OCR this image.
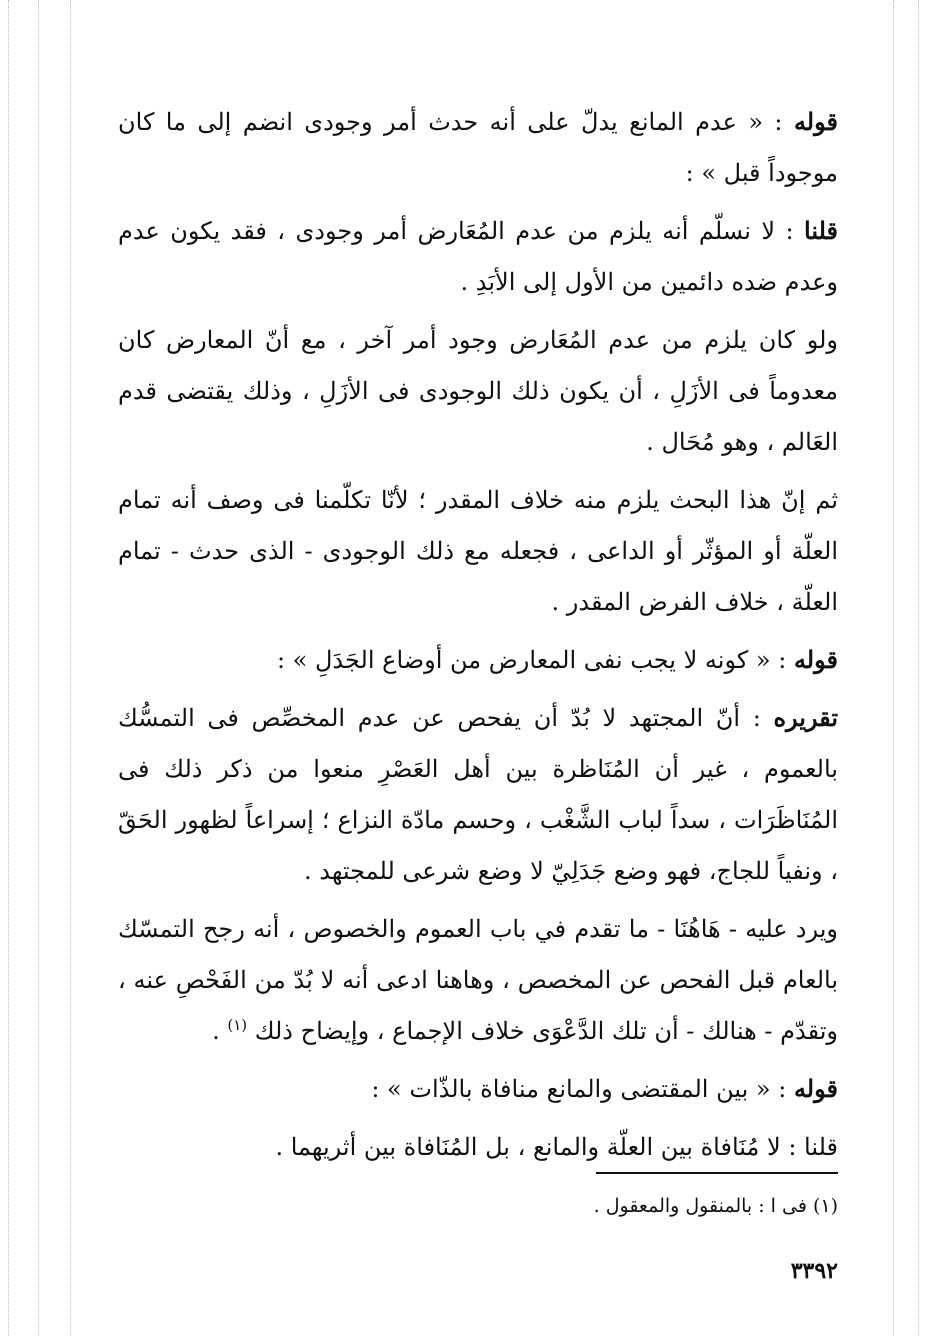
قوله : « عدم المانع يدلّ على أنه حدث أمر وجودى انضم إلى ما كان موجوداً قبل » :

قلنا : لا نسلّم أنه يلزم من عدم المُعَارض أمر وجودى ، فقد يكون عدم وعدم ضده دائمين من الأول إلى الأبَدِ .

ولو كان يلزم من عدم المُعَارض وجود أمر آخر ، مع أنّ المعارض كان معدوماً فى الأزَلِ ، أن يكون ذلك الوجودى فى الأزَلِ ، وذلك يقتضى قدم العَالم ، وهو مُحَال .

ثم إنّ هذا البحث يلزم منه خلاف المقدر ؛ لأنّا تكلّمنا فى وصف أنه تمام العلّة أو المؤثّر أو الداعى ، فجعله مع ذلك الوجودى - الذى حدث - تمام العلّة ، خلاف الفرض المقدر .

قوله : « كونه لا يجب نفى المعارض من أوضاع الجَدَلِ » :

تقريره : أنّ المجتهد لا بُدّ أن يفحص عن عدم المخصِّص فى التمسُّك بالعموم ، غير أن المُنَاظرة بين أهل العَصْرِ منعوا من ذكر ذلك فى المُنَاظَرَات ، سداً لباب الشَّغْب ، وحسم مادّة النزاع ؛ إسراعاً لظهور الحَقّ ، ونفياً للجاج، فهو وضع جَدَلِيّ لا وضع شرعى للمجتهد .

ويرد عليه - هَاهُنَا - ما تقدم في باب العموم والخصوص ، أنه رجح التمسّك بالعام قبل الفحص عن المخصص ، وهاهنا ادعى أنه لا بُدّ من الفَحْصِ عنه ، وتقدّم - هنالك - أن تلك الدَّعْوَى خلاف الإجماع ، وإيضاح ذلك $^{(١)}$ .

قوله : « بين المقتضى والمانع منافاة بالذّات » :

قلنا : لا مُنَافاة بين العلّة والمانع ، بل المُنَافاة بين أثريهما .

(١) فى ا : بالمنقول والمعقول .
٣٣٩٢
